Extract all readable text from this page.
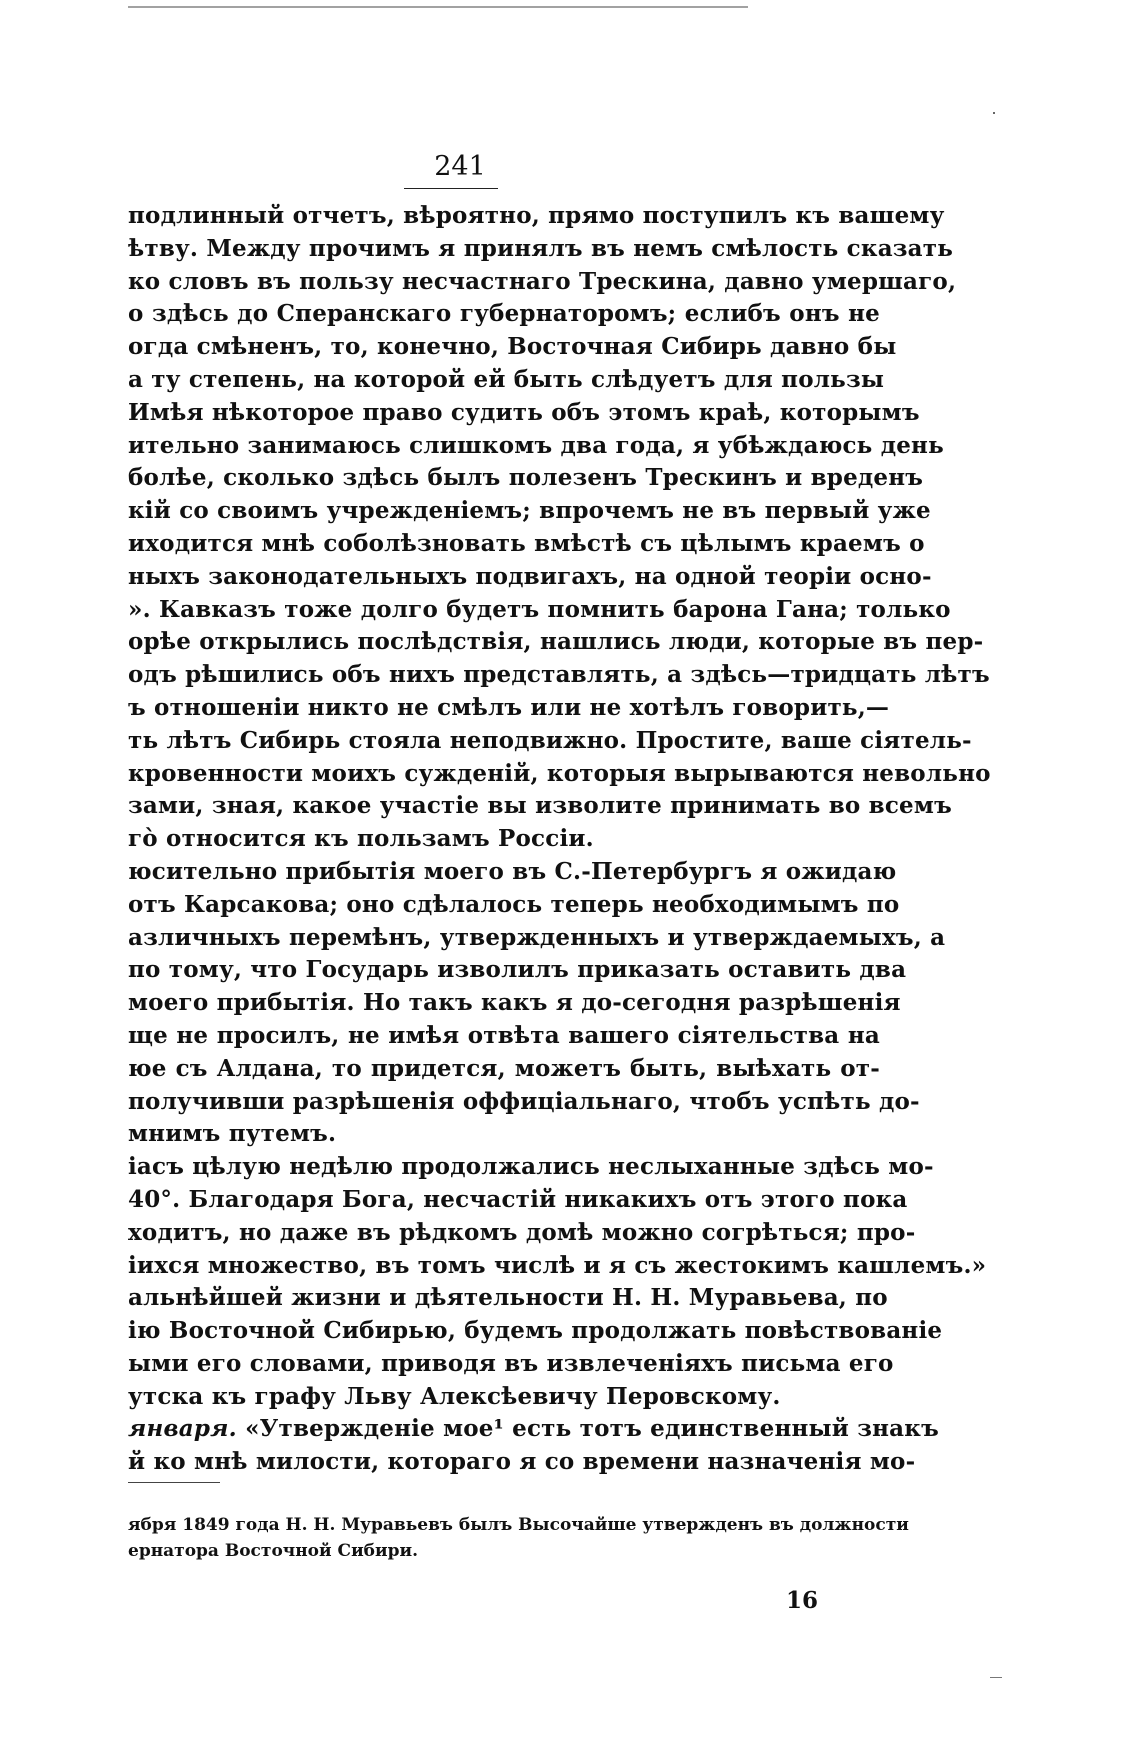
241
подлинный отчетъ, вѣроятно, прямо поступилъ къ вашему
ѣтву. Между прочимъ я принялъ въ немъ смѣлость сказать
ко словъ въ пользу несчастнаго Трескина, давно умершаго,
о здѣсь до Сперанскаго губернаторомъ; еслибъ онъ не
огда смѣненъ, то, конечно, Восточная Сибирь давно бы
а ту степень, на которой ей быть слѣдуетъ для пользы
Имѣя нѣкоторое право судить объ этомъ краѣ, которымъ
ительно занимаюсь слишкомъ два года, я убѣждаюсь день
болѣе, сколько здѣсь былъ полезенъ Трескинъ и вреденъ
кій со своимъ учрежденіемъ; впрочемъ не въ первый уже
иходится мнѣ соболѣзновать вмѣстѣ съ цѣлымъ краемъ о
ныхъ законодательныхъ подвигахъ, на одной теоріи осно-
». Кавказъ тоже долго будетъ помнить барона Гана; только
орѣе открылись послѣдствія, нашлись люди, которые въ пер-
одъ рѣшились объ нихъ представлять, а здѣсь—тридцать лѣтъ
ъ отношеніи никто не смѣлъ или не хотѣлъ говорить,—
ть лѣтъ Сибирь стояла неподвижно. Простите, ваше сіятель-
кровенности моихъ сужденій, которыя вырываются невольно
зами, зная, какое участіе вы изволите принимать во всемъ
гò относится къ пользамъ Россіи.
юсительно прибытія моего въ С.-Петербургъ я ожидаю
отъ Карсакова; оно сдѣлалось теперь необходимымъ по
азличныхъ перемѣнъ, утвержденныхъ и утверждаемыхъ, а
по тому, что Государь изволилъ приказать оставить два
моего прибытія. Но такъ какъ я до-сегодня разрѣшенія
ще не просилъ, не имѣя отвѣта вашего сіятельства на
юе съ Алдана, то придется, можетъ быть, выѣхать от-
получивши разрѣшенія оффиціальнаго, чтобъ успѣть до-
мнимъ путемъ.
іасъ цѣлую недѣлю продолжались неслыханные здѣсь мо-
40°. Благодаря Бога, несчастій никакихъ отъ этого пока
ходитъ, но даже въ рѣдкомъ домѣ можно согрѣться; про-
іихся множество, въ томъ числѣ и я съ жестокимъ кашлемъ.»
альнѣйшей жизни и дѣятельности Н. Н. Муравьева, по
ію Восточной Сибирью, будемъ продолжать повѣствованіе
ыми его словами, приводя въ извлеченіяхъ письма его
утска къ графу Льву Алексѣевичу Перовскому.
января. «Утвержденіе мое¹ есть тотъ единственный знакъ
й ко мнѣ милости, котораго я со времени назначенія мо-
ября 1849 года Н. Н. Муравьевъ былъ Высочайше утвержденъ въ должности
ернатора Восточной Сибири.
16
